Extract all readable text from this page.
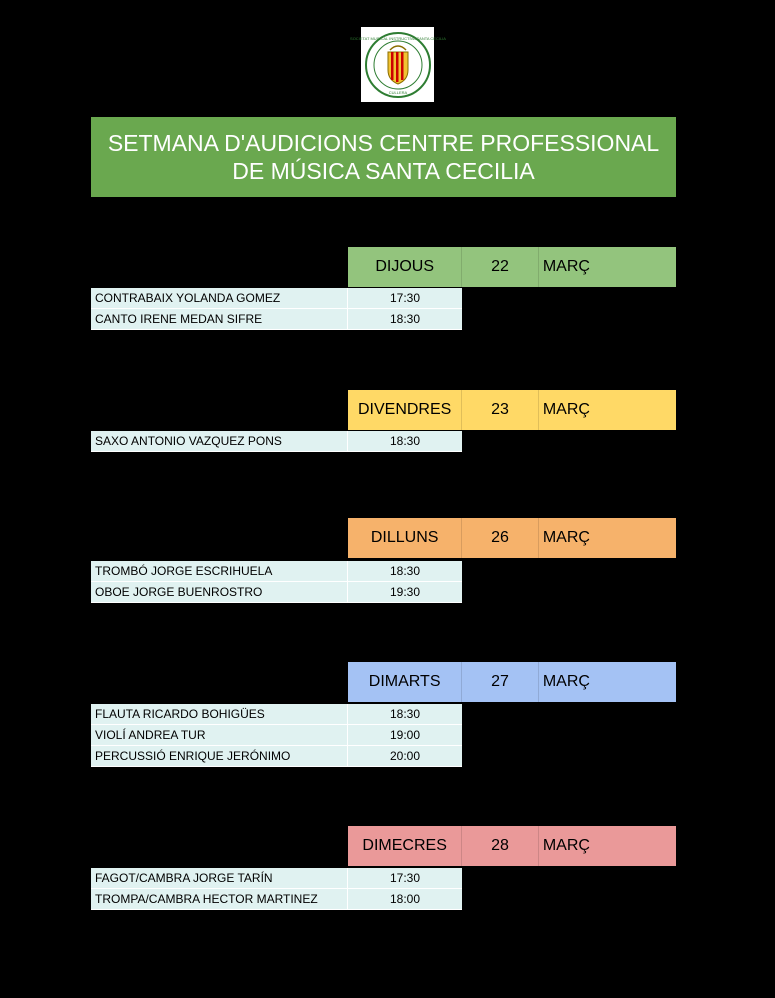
SOCIETAT MUSICAL INSTRUCTIVA SANTA CECILIA
CULLERA
SETMANA D'AUDICIONS CENTRE PROFESSIONAL
DE MÚSICA SANTA CECILIA
DIJOUS	22	MARÇ
CONTRABAIX YOLANDA GOMEZ	17:30
CANTO IRENE MEDAN SIFRE	18:30
DIVENDRES	23	MARÇ
SAXO ANTONIO VAZQUEZ PONS	18:30
DILLUNS	26	MARÇ
TROMBÓ JORGE ESCRIHUELA	18:30
OBOE JORGE BUENROSTRO	19:30
DIMARTS	27	MARÇ
FLAUTA RICARDO BOHIGÜES	18:30
VIOLÍ ANDREA TUR	19:00
PERCUSSIÓ ENRIQUE JERÓNIMO	20:00
DIMECRES	28	MARÇ
FAGOT/CAMBRA JORGE TARÍN	17:30
TROMPA/CAMBRA HECTOR MARTINEZ	18:00
